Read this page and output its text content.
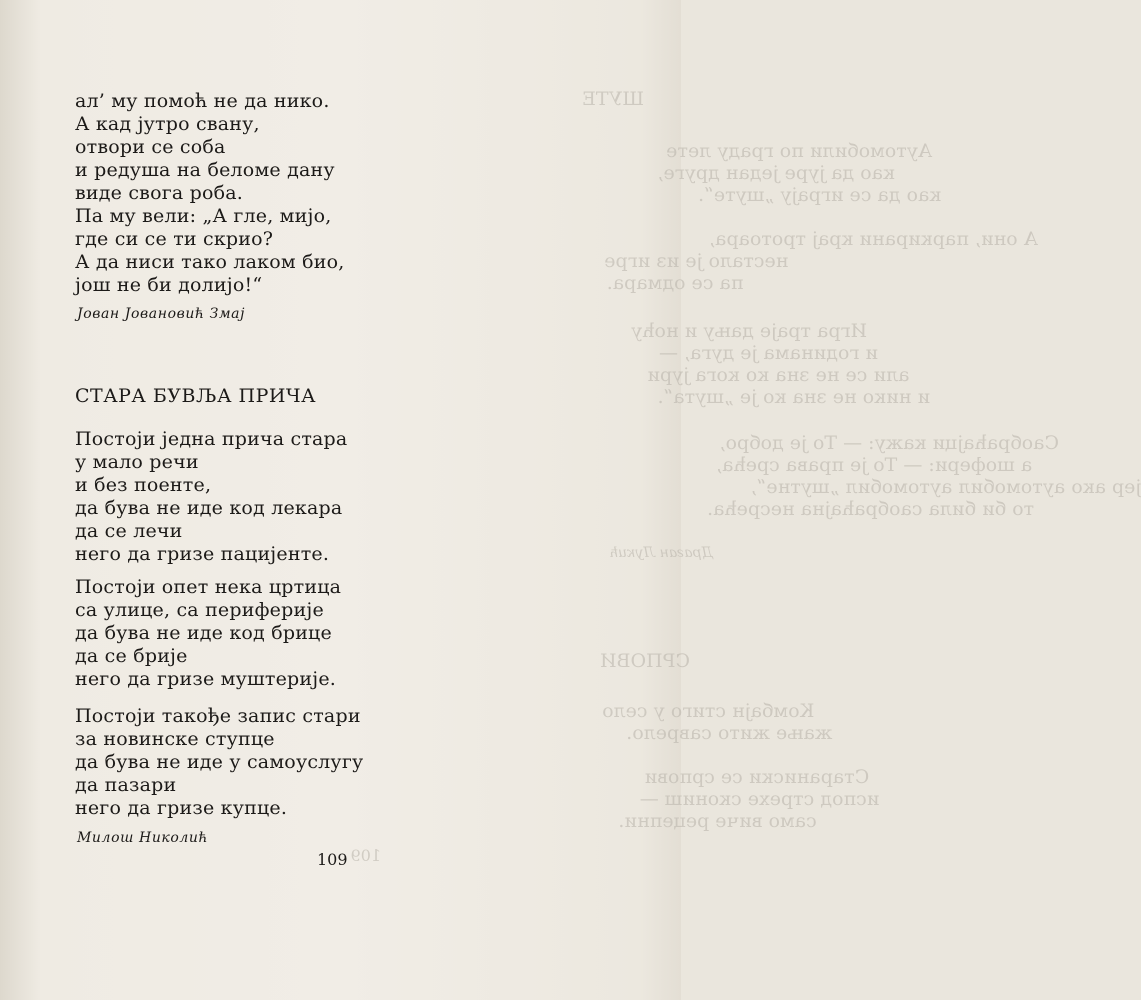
ШУТЕ
Аутомобили по граду лете
као да јуре један друге,
као да се играју „шуте“.
А они, паркирани крај тротоара,
нестало је из игре
па се одмара.
Игра траје дању и ноћу
и годинама је дуга, —
али се не зна ко кога јури
и нико не зна ко је „шута“.
Саобраћајци кажу: — То је добро,
а шофери: — То је права срећа,
јер ако аутомобил аутомобил „шутне“,
то би била саобраћајна несрећа.
Драган Лукић
СРПОВИ
Комбајн стиго у село
жање жито саврело.
Стараниски се српови
испод стрехе скониш —
само виче рецепни.
109
ал’ му помоћ не да нико.
А кад јутро свану,
отвори се соба
и редуша на беломе дану
виде свога роба.
Па му вели: „А гле, мијо,
где си се ти скрио?
А да ниси тако лаком био,
још не би долијо!“
Јован Јовановић Змај
СТАРА БУВЉА ПРИЧА
Постоји једна прича стара
у мало речи
и без поенте,
да бува не иде код лекара
да се лечи
него да гризе пацијенте.
Постоји опет нека цртица
са улице, са периферије
да бува не иде код брице
да се брије
него да гризе муштерије.
Постоји такође запис стари
за новинске ступце
да бува не иде у самоуслугу
да пазари
него да гризе купце.
Милош Николић
109
